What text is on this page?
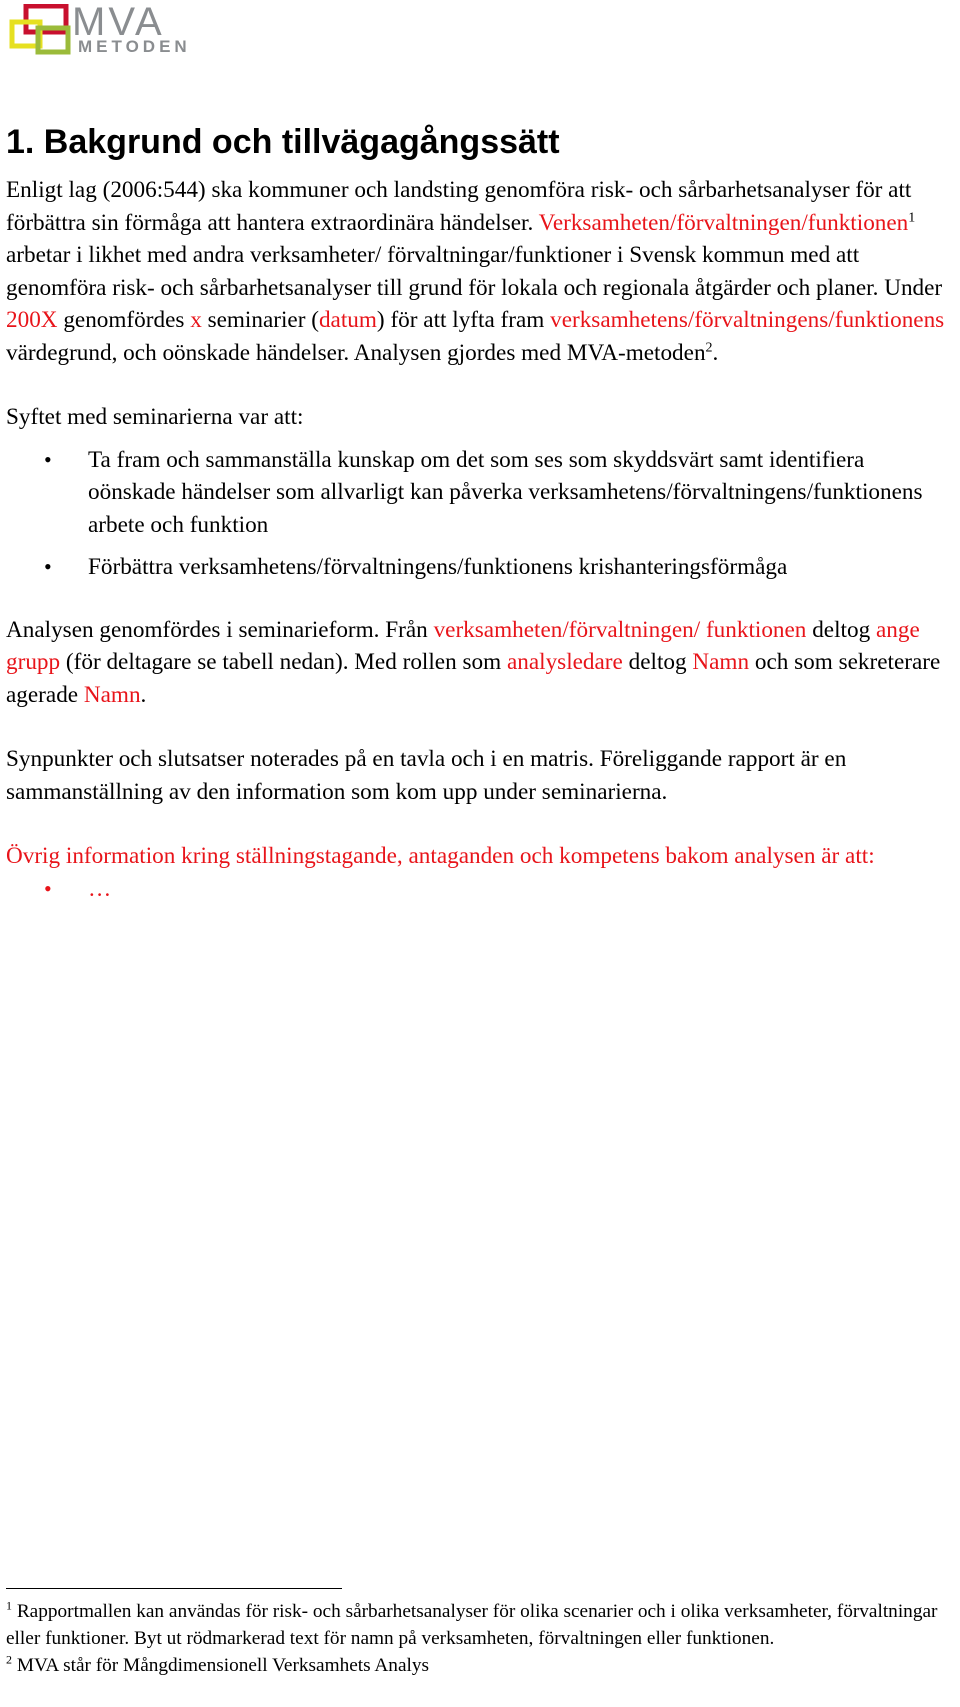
MVA
METODEN
1. Bakgrund och tillvägagångssätt

Enligt lag (2006:544) ska kommuner och landsting genomföra risk- och sårbarhetsanalyser för att förbättra sin förmåga att hantera extraordinära händelser. Verksamheten/förvaltningen/funktionen$^1$ arbetar i likhet med andra verksamheter/ förvaltningar/funktioner i Svensk kommun med att genomföra risk- och sårbarhetsanalyser till grund för lokala och regionala åtgärder och planer. Under 200X genomfördes x seminarier (datum) för att lyfta fram verksamhetens/förvaltningens/funktionens värdegrund, och oönskade händelser. Analysen gjordes med MVA-metoden$^2$.

Syftet med seminarierna var att:

• Ta fram och sammanställa kunskap om det som ses som skyddsvärt samt identifiera oönskade händelser som allvarligt kan påverka verksamhetens/förvaltningens/funktionens arbete och funktion
• Förbättra verksamhetens/förvaltningens/funktionens krishanteringsförmåga

Analysen genomfördes i seminarieform. Från verksamheten/förvaltningen/ funktionen deltog ange grupp (för deltagare se tabell nedan). Med rollen som analysledare deltog Namn och som sekreterare agerade Namn.

Synpunkter och slutsatser noterades på en tavla och i en matris. Föreliggande rapport är en sammanställning av den information som kom upp under seminarierna.

Övrig information kring ställningstagande, antaganden och kompetens bakom analysen är att:

• …

$^1$ Rapportmallen kan användas för risk- och sårbarhetsanalyser för olika scenarier och i olika verksamheter, förvaltningar eller funktioner. Byt ut rödmarkerad text för namn på verksamheten, förvaltningen eller funktionen.

$^2$ MVA står för Mångdimensionell Verksamhets Analys
